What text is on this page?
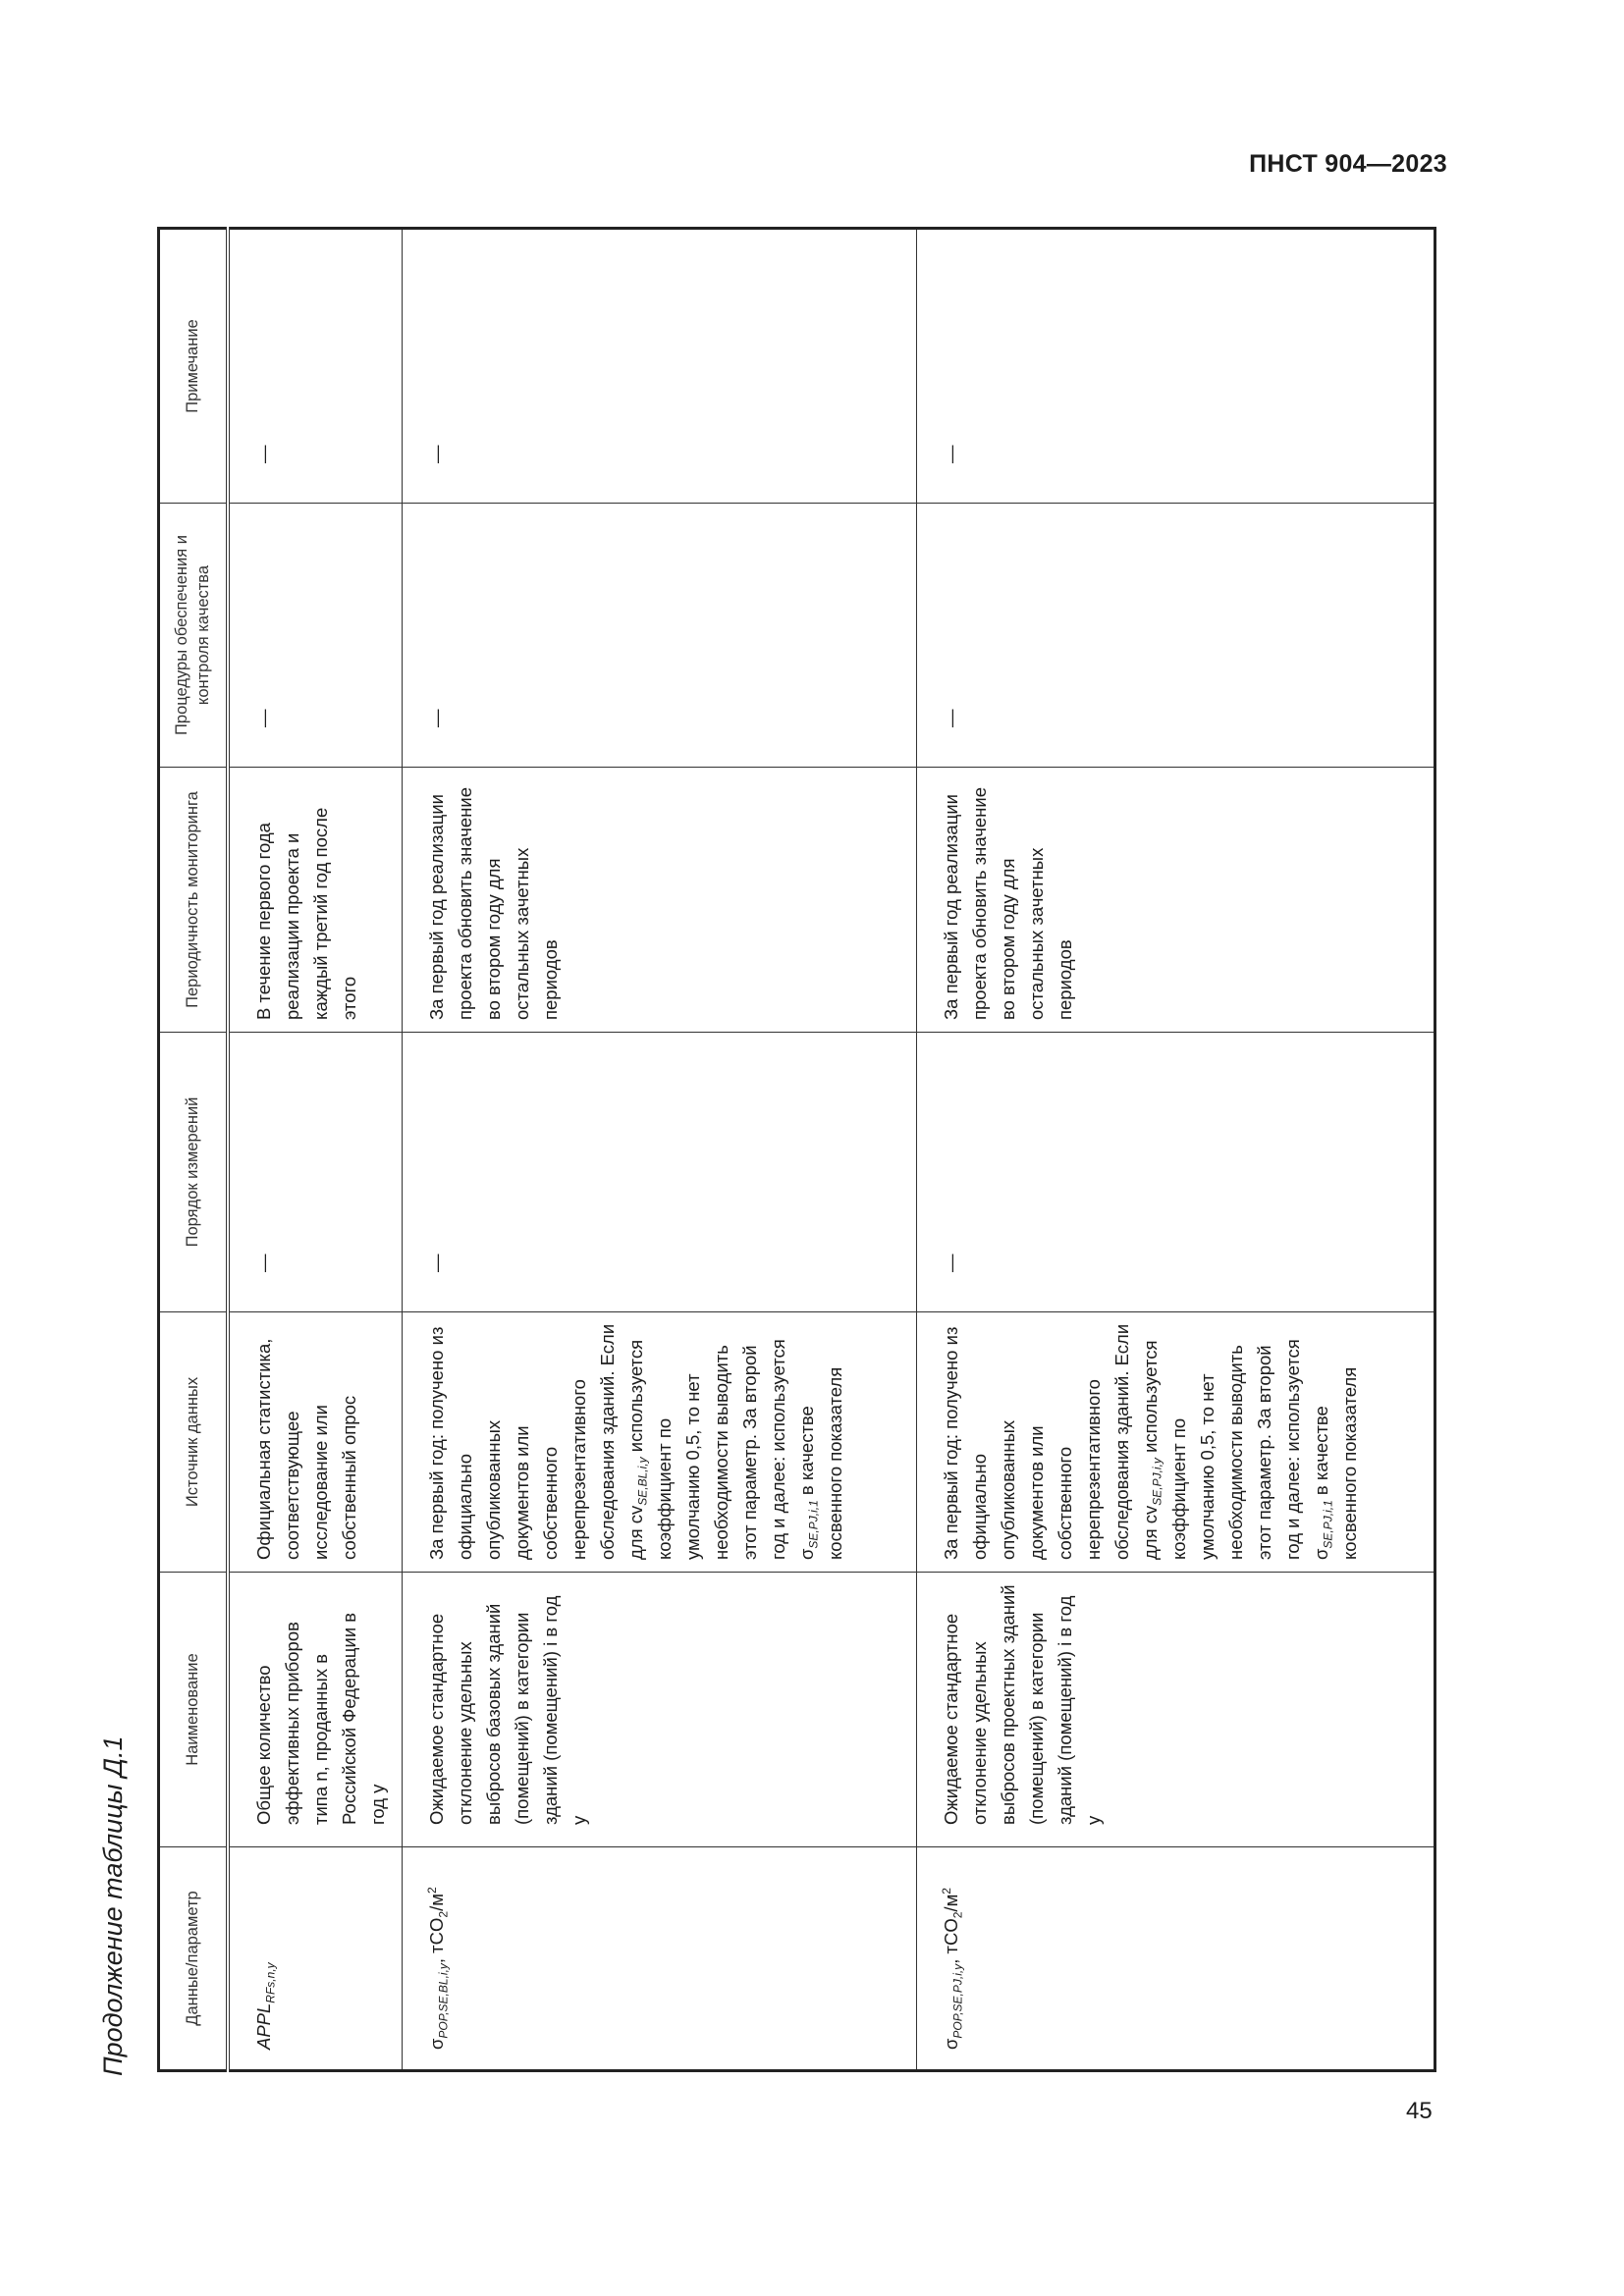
ПНСТ 904—2023
Продолжение таблицы Д.1	Данные/параметр	Наименование	Источник данных	Порядок измерений	Периодичность мониторинга	Процедуры обеспечения и контроля качества	Примечание
$APPL_{RFs,n,y}$	Общее количество эффективных приборов типа n, проданных в Российской Федерации в год y	Официальная статистика, соответствующее исследование или собственный опрос	—	В течение первого года реализации проекта и каждый третий год после этого	—	—

$\sigma_{POP,SE,BL,i,y}$, $тCO_2/м^2$	Ожидаемое стандартное отклонение удельных выбросов базовых зданий (помещений) в категории зданий (помещений) i в год y	За первый год: получено из официально опубликованных документов или собственного нерепрезентативного обследования зданий. Если для $cv_{SE,BL,i,y}$ используется коэффициент по умолчанию 0,5, то нет необходимости выводить этот параметр. За второй год и далее: используется $\sigma_{SE,PJ,i,1}$ в качестве косвенного показателя	—	За первый год реализации проекта обновить значение во втором году для остальных зачетных периодов	—	—

$\sigma_{POP,SE,PJ,i,y}$, $тCO_2/м^2$	Ожидаемое стандартное отклонение удельных выбросов проектных зданий (помещений) в категории зданий (помещений) i в год y	За первый год: получено из официально опубликованных документов или собственного нерепрезентативного обследования зданий. Если для $cv_{SE,PJ,i,y}$ используется коэффициент по умолчанию 0,5, то нет необходимости выводить этот параметр. За второй год и далее: используется $\sigma_{SE,PJ,i,1}$ в качестве косвенного показателя	—	За первый год реализации проекта обновить значение во втором году для остальных зачетных периодов	—	—
45
